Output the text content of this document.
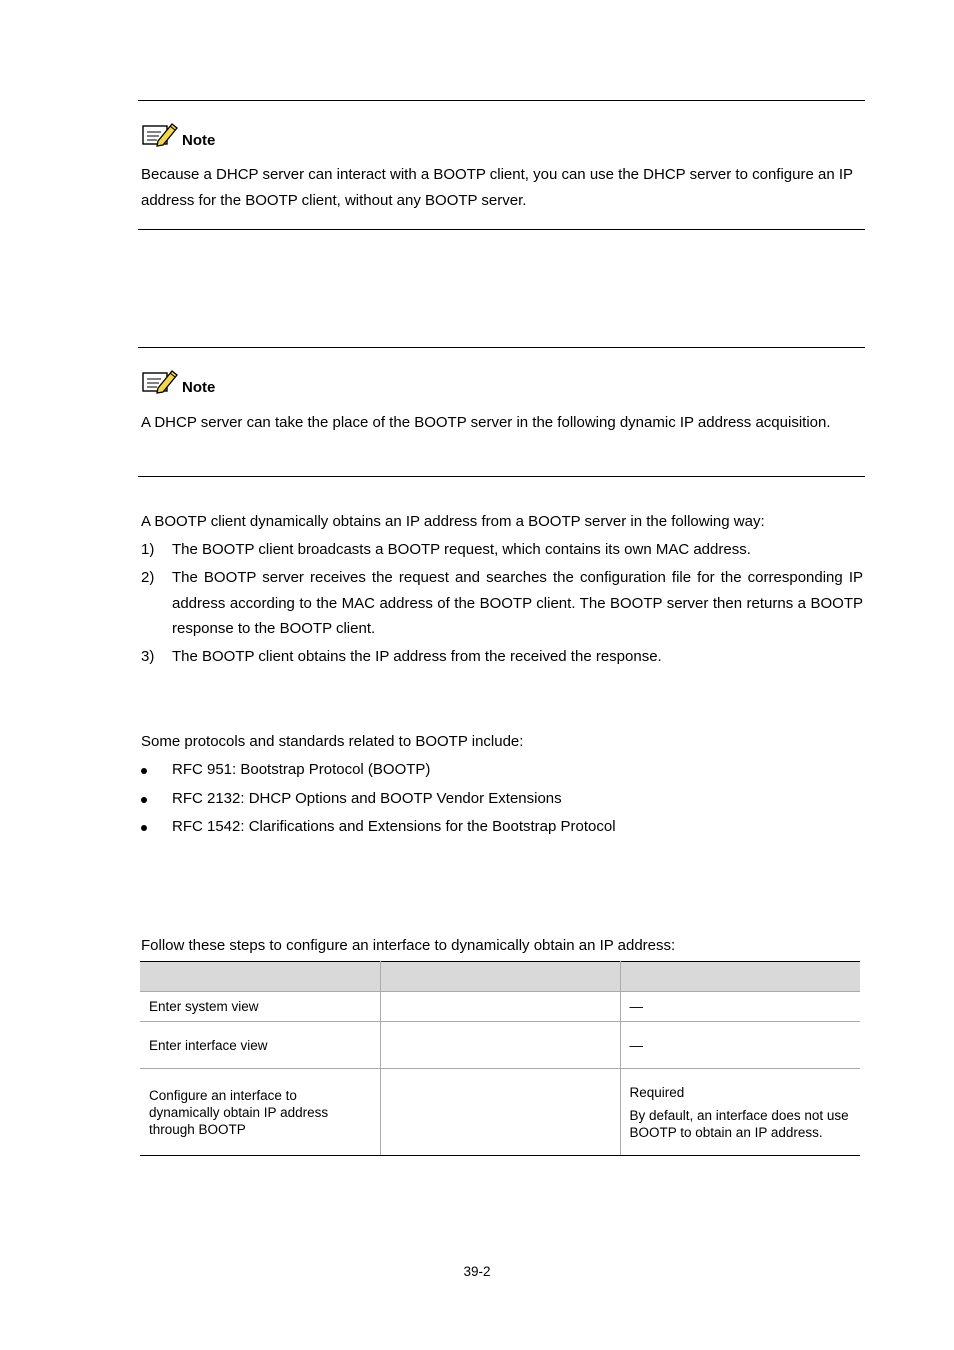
Note
Because a DHCP server can interact with a BOOTP client, you can use the DHCP server to configure an IP address for the BOOTP client, without any BOOTP server.
Note
A DHCP server can take the place of the BOOTP server in the following dynamic IP address acquisition.
A BOOTP client dynamically obtains an IP address from a BOOTP server in the following way:
1) The BOOTP client broadcasts a BOOTP request, which contains its own MAC address.
2) The BOOTP server receives the request and searches the configuration file for the corresponding IP address according to the MAC address of the BOOTP client. The BOOTP server then returns a BOOTP response to the BOOTP client.
3) The BOOTP client obtains the IP address from the received the response.
Some protocols and standards related to BOOTP include:
RFC 951: Bootstrap Protocol (BOOTP)
RFC 2132: DHCP Options and BOOTP Vendor Extensions
RFC 1542: Clarifications and Extensions for the Bootstrap Protocol
Follow these steps to configure an interface to dynamically obtain an IP address:

Enter system view		—

Enter interface view		—

Configure an interface to dynamically obtain IP address through BOOTP		Required

By default, an interface does not use BOOTP to obtain an IP address.

39-2
